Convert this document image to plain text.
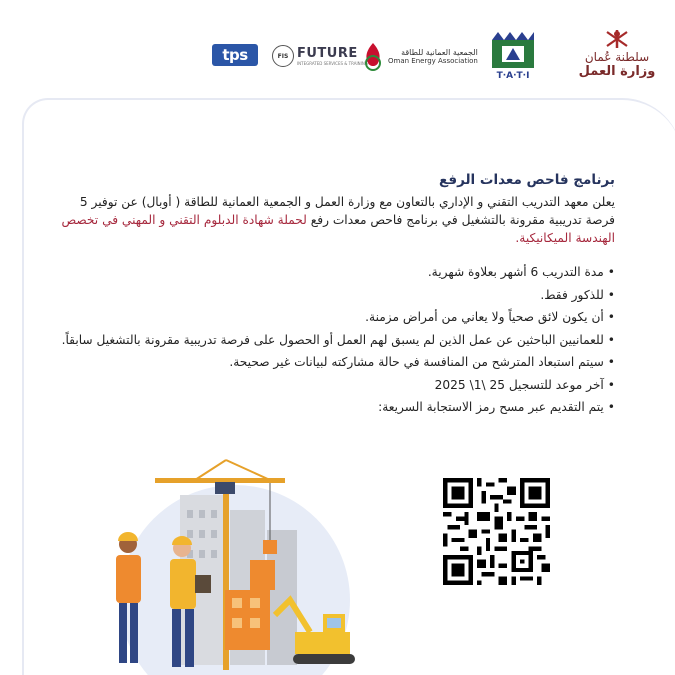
tps	FIS FUTURE
INTEGRATED SERVICES & TRAINING
الجمعية العمانية للطاقة
Oman Energy Association
T·A·T·I
سلطنة عُمان
وزارة العمل
برنامج فاحص معدات الرفع

يعلن معهد التدريب التقني و الإداري بالتعاون مع وزارة العمل و الجمعية العمانية للطاقة ( أوبال) عن توفير 5 فرصة تدريبية مقرونة بالتشغيل في برنامج فاحص معدات رفع لحملة شهادة الدبلوم التقني و المهني في تخصص الهندسة الميكانيكية.

• مدة التدريب 6 أشهر بعلاوة شهرية.
• للذكور فقط.
• أن يكون لائق صحياً ولا يعاني من أمراض مزمنة.
• للعمانيين الباحثين عن عمل الذين لم يسبق لهم العمل أو الحصول على فرصة تدريبية مقرونة بالتشغيل سابقاً.
• سيتم استبعاد المترشح من المنافسة في حالة مشاركته لبيانات غير صحيحة.
• آخر موعد للتسجيل 25 \1\ 2025
• يتم التقديم عبر مسح رمز الاستجابة السريعة:
